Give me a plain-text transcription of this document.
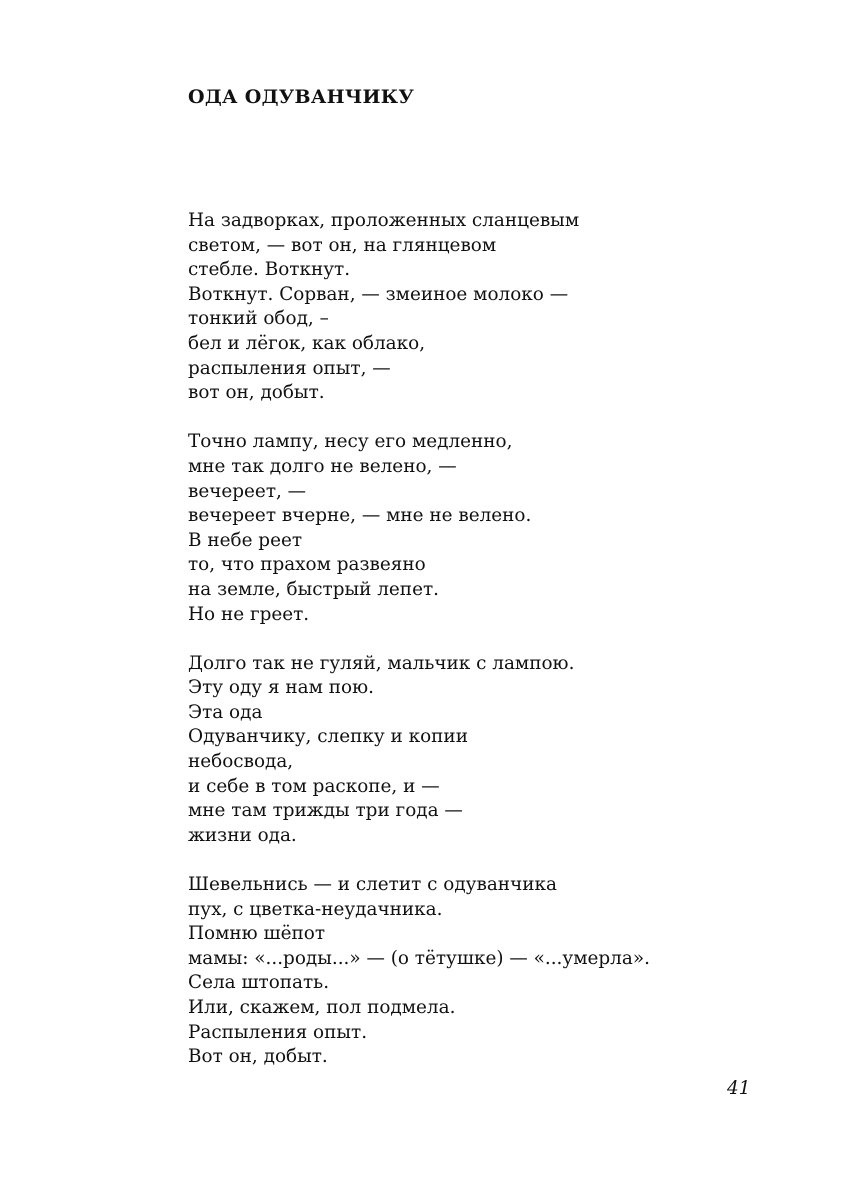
ОДА ОДУВАНЧИКУ
На задворках, проложенных сланцевым
светом, — вот он, на глянцевом
стебле. Воткнут.
Воткнут. Сорван, — змеиное молоко —
тонкий обод, –
бел и лёгок, как облако,
распыления опыт, —
вот он, добыт.
Точно лампу, несу его медленно,
мне так долго не велено, —
вечереет, —
вечереет вчерне, — мне не велено.
В небе реет
то, что прахом развеяно
на земле, быстрый лепет.
Но не греет.
Долго так не гуляй, мальчик с лампою.
Эту оду я нам пою.
Эта ода
Одуванчику, слепку и копии
небосвода,
и себе в том раскопе, и —
мне там трижды три года —
жизни ода.
Шевельнись — и слетит с одуванчика
пух, с цветка-неудачника.
Помню шёпот
мамы: «...роды...» — (о тётушке) — «...умерла».
Села штопать.
Или, скажем, пол подмела.
Распыления опыт.
Вот он, добыт.
41
